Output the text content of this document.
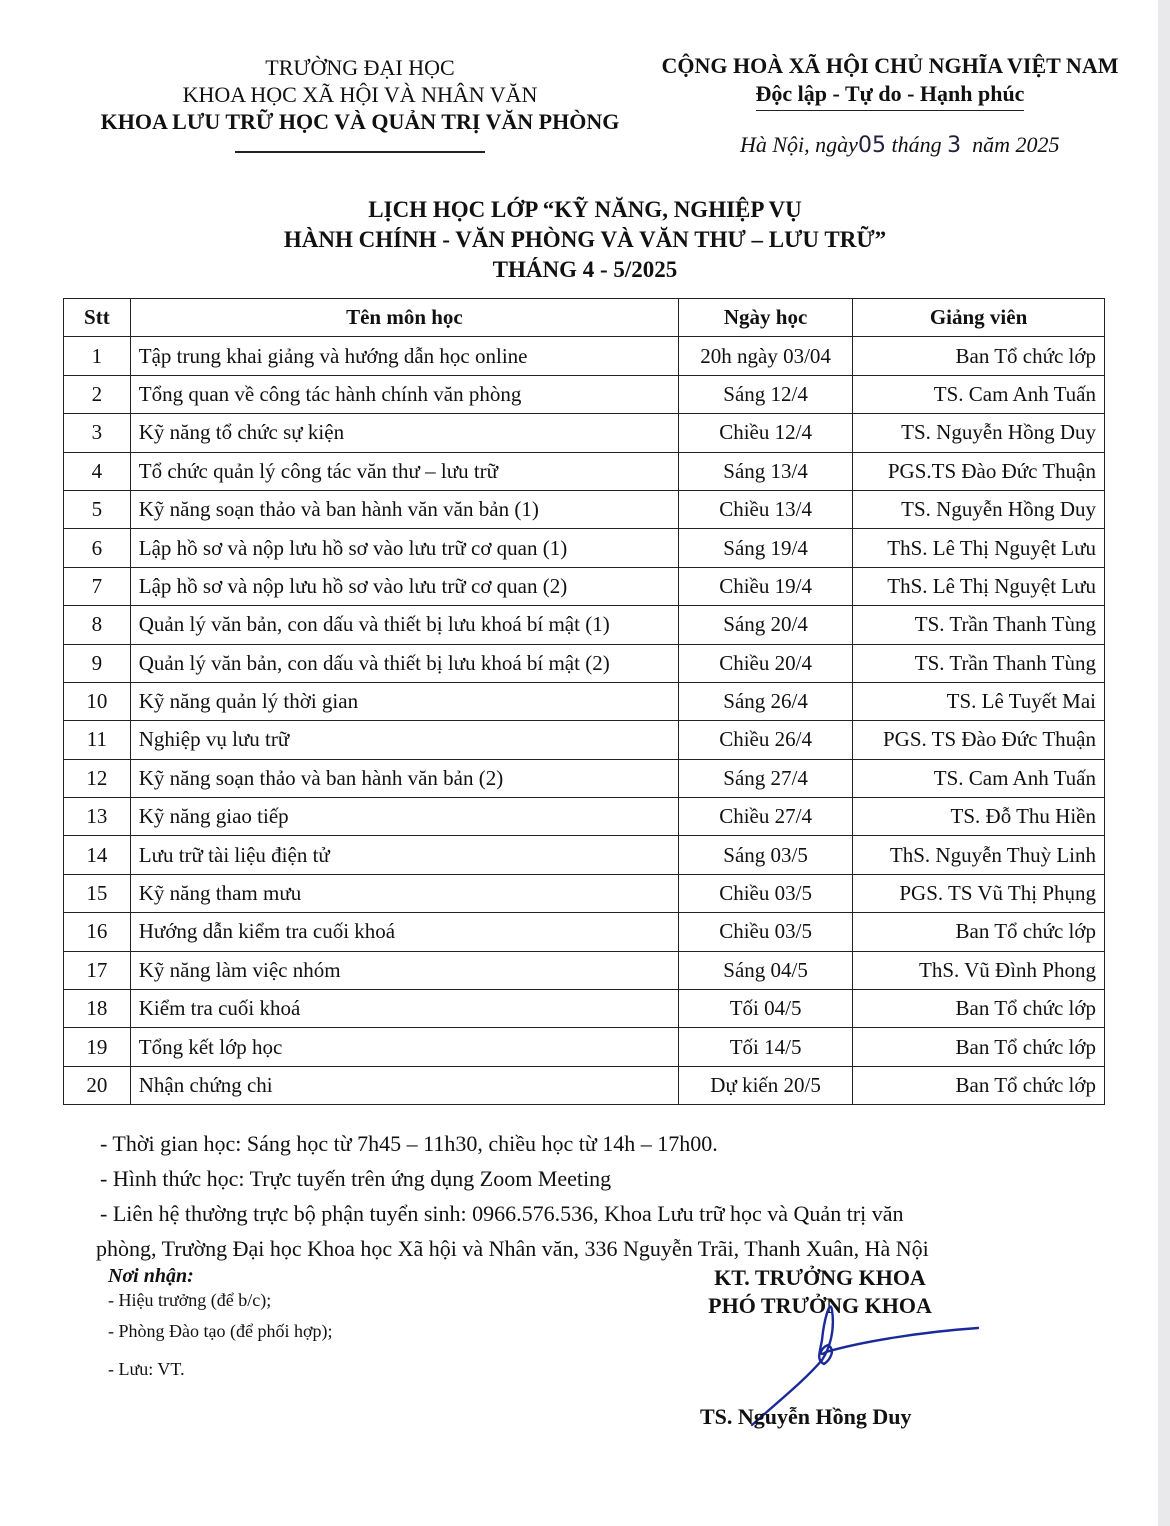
TRƯỜNG ĐẠI HỌC
KHOA HỌC XÃ HỘI VÀ NHÂN VĂN
KHOA LƯU TRỮ HỌC VÀ QUẢN TRỊ VĂN PHÒNG
CỘNG HOÀ XÃ HỘI CHỦ NGHĨA VIỆT NAM
Độc lập - Tự do - Hạnh phúc
Hà Nội, ngày05 tháng 3 năm 2025
LỊCH HỌC LỚP “KỸ NĂNG, NGHIỆP VỤ
HÀNH CHÍNH - VĂN PHÒNG VÀ VĂN THƯ – LƯU TRỮ”
THÁNG 4 - 5/2025
Stt	Tên môn học	Ngày học	Giảng viên
1	Tập trung khai giảng và hướng dẫn học online	20h ngày 03/04	Ban Tổ chức lớp
2	Tổng quan về công tác hành chính văn phòng	Sáng 12/4	TS. Cam Anh Tuấn
3	Kỹ năng tổ chức sự kiện	Chiều 12/4	TS. Nguyễn Hồng Duy
4	Tổ chức quản lý công tác văn thư – lưu trữ	Sáng 13/4	PGS.TS Đào Đức Thuận
5	Kỹ năng soạn thảo và ban hành văn văn bản (1)	Chiều 13/4	TS. Nguyễn Hồng Duy
6	Lập hồ sơ và nộp lưu hồ sơ vào lưu trữ cơ quan (1)	Sáng 19/4	ThS. Lê Thị Nguyệt Lưu
7	Lập hồ sơ và nộp lưu hồ sơ vào lưu trữ cơ quan (2)	Chiều 19/4	ThS. Lê Thị Nguyệt Lưu
8	Quản lý văn bản, con dấu và thiết bị lưu khoá bí mật (1)	Sáng 20/4	TS. Trần Thanh Tùng
9	Quản lý văn bản, con dấu và thiết bị lưu khoá bí mật (2)	Chiều 20/4	TS. Trần Thanh Tùng
10	Kỹ năng quản lý thời gian	Sáng 26/4	TS. Lê Tuyết Mai
11	Nghiệp vụ lưu trữ	Chiều 26/4	PGS. TS Đào Đức Thuận
12	Kỹ năng soạn thảo và ban hành văn bản (2)	Sáng 27/4	TS. Cam Anh Tuấn
13	Kỹ năng giao tiếp	Chiều 27/4	TS. Đỗ Thu Hiền
14	Lưu trữ tài liệu điện tử	Sáng 03/5	ThS. Nguyễn Thuỳ Linh
15	Kỹ năng tham mưu	Chiều 03/5	PGS. TS Vũ Thị Phụng
16	Hướng dẫn kiểm tra cuối khoá	Chiều 03/5	Ban Tổ chức lớp
17	Kỹ năng làm việc nhóm	Sáng 04/5	ThS. Vũ Đình Phong
18	Kiểm tra cuối khoá	Tối 04/5	Ban Tổ chức lớp
19	Tổng kết lớp học	Tối 14/5	Ban Tổ chức lớp
20	Nhận chứng chi	Dự kiến 20/5	Ban Tổ chức lớp
- Thời gian học: Sáng học từ 7h45 – 11h30, chiều học từ 14h – 17h00.
- Hình thức học: Trực tuyến trên ứng dụng Zoom Meeting
- Liên hệ thường trực bộ phận tuyển sinh: 0966.576.536, Khoa Lưu trữ học và Quản trị văn
phòng, Trường Đại học Khoa học Xã hội và Nhân văn, 336 Nguyễn Trãi, Thanh Xuân, Hà Nội
Nơi nhận:
- Hiệu trưởng (để b/c);
- Phòng Đào tạo (để phối hợp);
- Lưu: VT.
KT. TRƯỞNG KHOA
PHÓ TRƯỞNG KHOA
TS. Nguyễn Hồng Duy
